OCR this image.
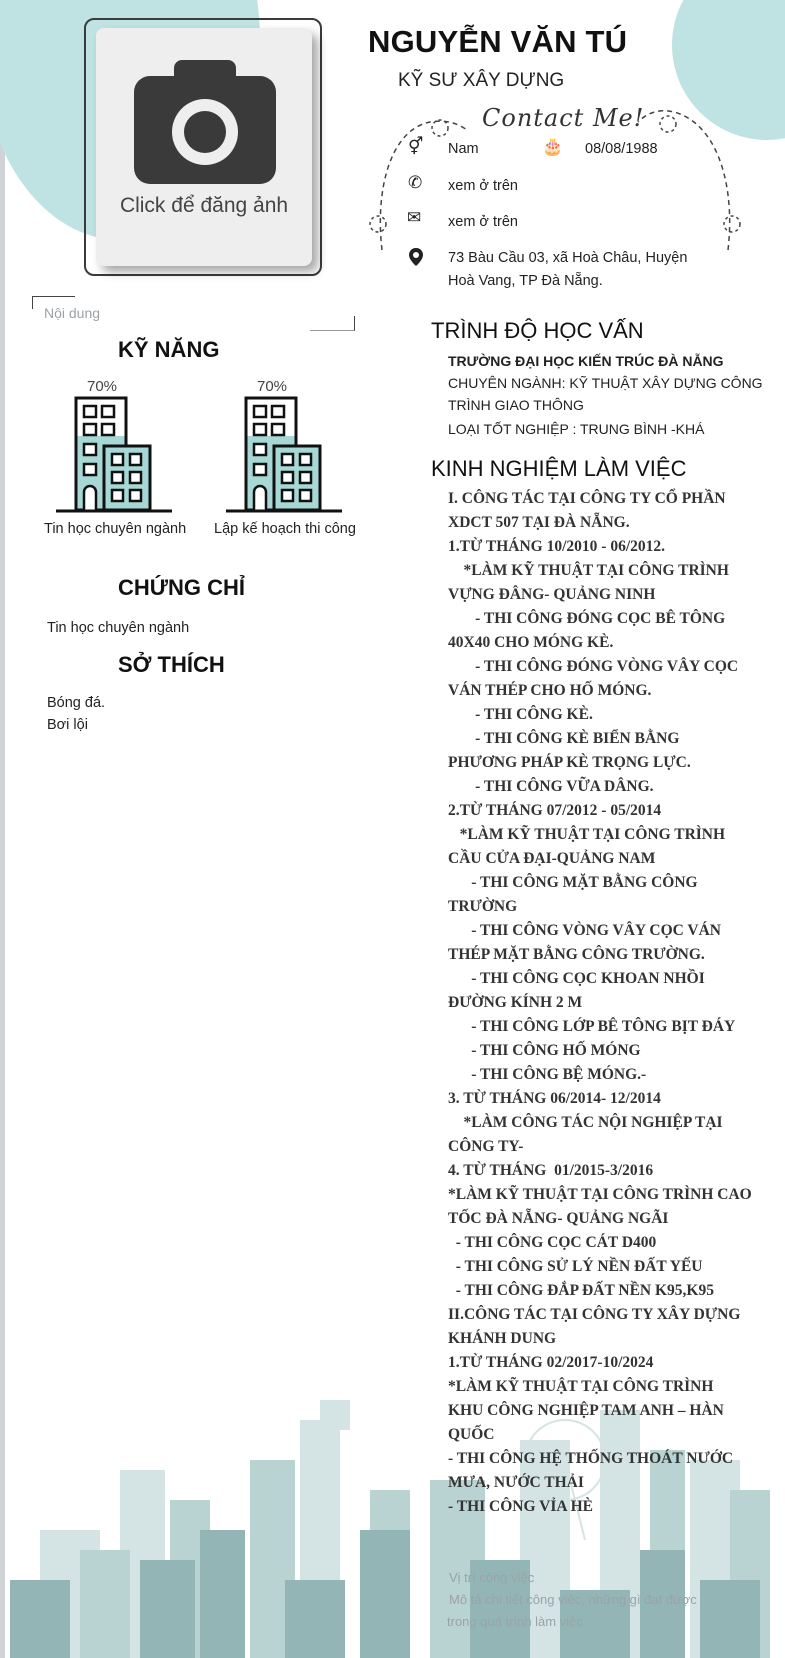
Click để đăng ảnh
NGUYỄN VĂN TÚ
KỸ SƯ XÂY DỰNG
Contact Me!
⚥ Nam	🎂 08/08/1988
✆ xem ở trên
✉ xem ở trên
73 Bàu Cầu 03, xã Hoà Châu, Huyện
Hoà Vang, TP Đà Nẵng.
Nội dung
KỸ NĂNG
70%
Tin học chuyên ngành
70%
Lập kế hoạch thi công
CHỨNG CHỈ
Tin học chuyên ngành
SỞ THÍCH
Bóng đá.
Bơi lội
TRÌNH ĐỘ HỌC VẤN
TRƯỜNG ĐẠI HỌC KIẾN TRÚC ĐÀ NẴNG
CHUYÊN NGÀNH: KỸ THUẬT XÂY DỰNG CÔNG
TRÌNH GIAO THÔNG
LOẠI TỐT NGHIỆP : TRUNG BÌNH -KHÁ
KINH NGHIỆM LÀM VIỆC
I. CÔNG TÁC TẠI CÔNG TY CỔ PHẦN
XDCT 507 TẠI ĐÀ NẴNG.
1.TỪ THÁNG 10/2010 - 06/2012.
*LÀM KỸ THUẬT TẠI CÔNG TRÌNH
VỰNG ĐÂNG- QUẢNG NINH
- THI CÔNG ĐÓNG CỌC BÊ TÔNG
40X40 CHO MÓNG KÈ.
- THI CÔNG ĐÓNG VÒNG VÂY CỌC
VÁN THÉP CHO HỐ MÓNG.
- THI CÔNG KÈ.
- THI CÔNG KÈ BIỂN BẰNG
PHƯƠNG PHÁP KÈ TRỌNG LỰC.
- THI CÔNG VỮA DÂNG.
2.TỪ THÁNG 07/2012 - 05/2014
*LÀM KỸ THUẬT TẠI CÔNG TRÌNH
CẦU CỬA ĐẠI-QUẢNG NAM
- THI CÔNG MẶT BẰNG CÔNG
TRƯỜNG
- THI CÔNG VÒNG VÂY CỌC VÁN
THÉP MẶT BẰNG CÔNG TRƯỜNG.
- THI CÔNG CỌC KHOAN NHỒI
ĐƯỜNG KÍNH 2 M
- THI CÔNG LỚP BÊ TÔNG BỊT ĐÁY
- THI CÔNG HỐ MÓNG
- THI CÔNG BỆ MÓNG.-
3. TỪ THÁNG 06/2014- 12/2014
*LÀM CÔNG TÁC NỘI NGHIỆP TẠI
CÔNG TY-
4. TỪ THÁNG  01/2015-3/2016
*LÀM KỸ THUẬT TẠI CÔNG TRÌNH CAO
TỐC ĐÀ NẴNG- QUẢNG NGÃI
- THI CÔNG CỌC CÁT D400
- THI CÔNG SỬ LÝ NỀN ĐẤT YẾU
- THI CÔNG ĐẮP ĐẤT NỀN K95,K95
II.CÔNG TÁC TẠI CÔNG TY XÂY DỰNG
KHÁNH DUNG
1.TỪ THÁNG 02/2017-10/2024
*LÀM KỸ THUẬT TẠI CÔNG TRÌNH
KHU CÔNG NGHIỆP TAM ANH – HÀN
QUỐC
- THI CÔNG HỆ THỐNG THOÁT NƯỚC
MƯA, NƯỚC THẢI
- THI CÔNG VỈA HÈ
Vị trí công việc
Mô tả chi tiết công việc, những gì đạt được
trong quá trình làm việc
